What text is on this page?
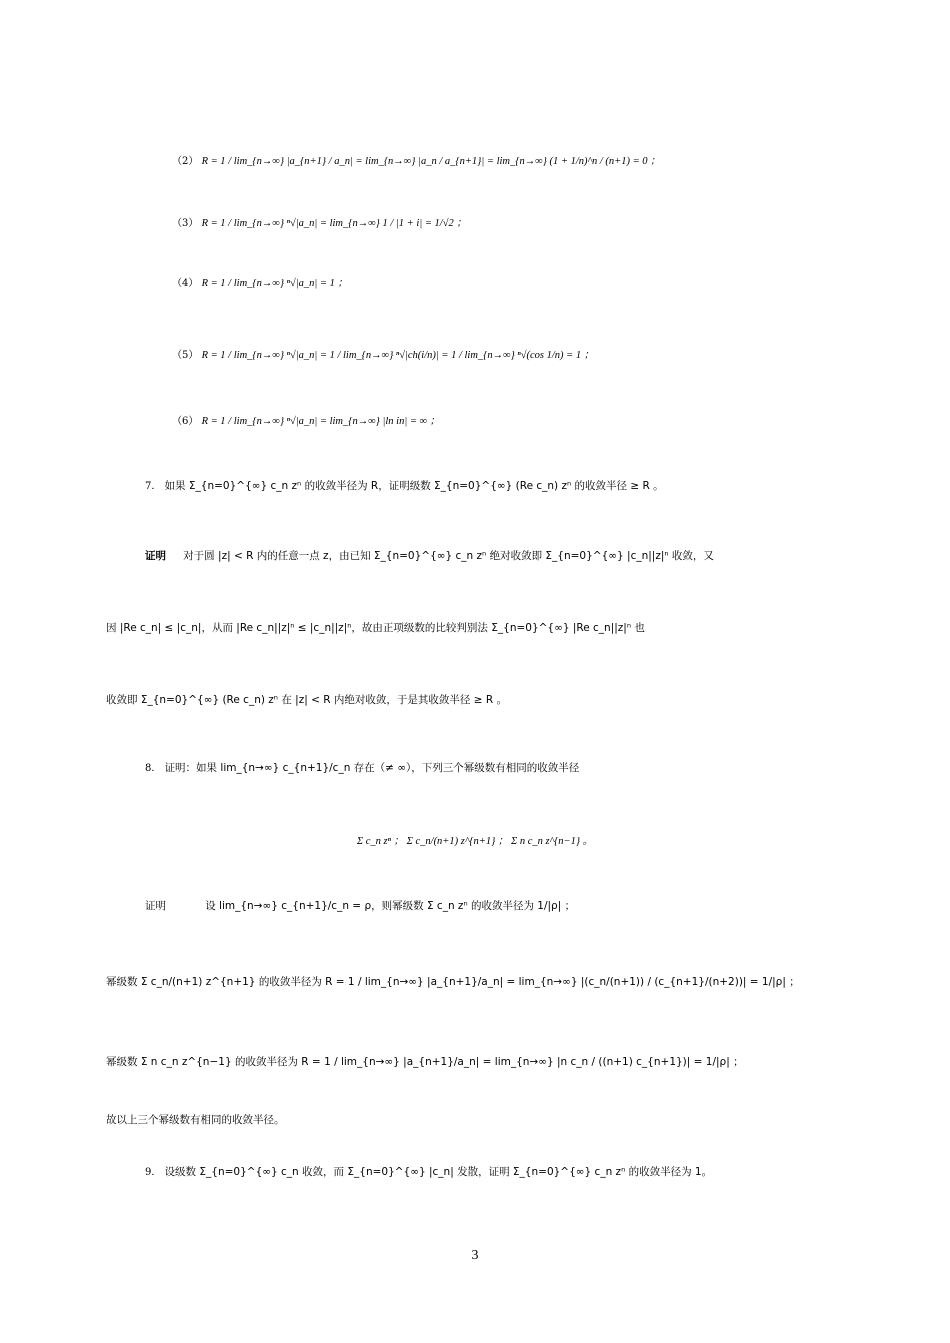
（2） R = 1 / lim_{n→∞} |a_{n+1} / a_n| = lim_{n→∞} |a_n / a_{n+1}| = lim_{n→∞} (1 + 1/n)^n / (n+1) = 0 ；
（3） R = 1 / lim_{n→∞} ⁿ√|a_n| = lim_{n→∞} 1 / |1 + i| = 1/√2 ；
（4） R = 1 / lim_{n→∞} ⁿ√|a_n| = 1 ；
（5） R = 1 / lim_{n→∞} ⁿ√|a_n| = 1 / lim_{n→∞} ⁿ√|ch(i/n)| = 1 / lim_{n→∞} ⁿ√(cos 1/n) = 1 ；
（6） R = 1 / lim_{n→∞} ⁿ√|a_n| = lim_{n→∞} |ln in| = ∞ ；
7． 如果 Σ_{n=0}^{∞} c_n zⁿ 的收敛半径为 R，证明级数 Σ_{n=0}^{∞} (Re c_n) zⁿ 的收敛半径 ≥ R 。
证明 对于圆 |z| < R 内的任意一点 z，由已知 Σ_{n=0}^{∞} c_n zⁿ 绝对收敛即 Σ_{n=0}^{∞} |c_n||z|ⁿ 收敛，又
因 |Re c_n| ≤ |c_n|，从而 |Re c_n||z|ⁿ ≤ |c_n||z|ⁿ，故由正项级数的比较判别法 Σ_{n=0}^{∞} |Re c_n||z|ⁿ 也
收敛即 Σ_{n=0}^{∞} (Re c_n) zⁿ 在 |z| < R 内绝对收敛，于是其收敛半径 ≥ R 。
8． 证明：如果 lim_{n→∞} c_{n+1}/c_n 存在（≠ ∞），下列三个幂级数有相同的收敛半径
Σ c_n zⁿ ； Σ c_n/(n+1) z^{n+1} ； Σ n c_n z^{n−1} 。
证明	设 lim_{n→∞} c_{n+1}/c_n = ρ，则幂级数 Σ c_n zⁿ 的收敛半径为 1/|ρ| ；
幂级数 Σ c_n/(n+1) z^{n+1} 的收敛半径为 R = 1 / lim_{n→∞} |a_{n+1}/a_n| = lim_{n→∞} |(c_n/(n+1)) / (c_{n+1}/(n+2))| = 1/|ρ| ；
幂级数 Σ n c_n z^{n−1} 的收敛半径为 R = 1 / lim_{n→∞} |a_{n+1}/a_n| = lim_{n→∞} |n c_n / ((n+1) c_{n+1})| = 1/|ρ| ；
故以上三个幂级数有相同的收敛半径。
9． 设级数 Σ_{n=0}^{∞} c_n 收敛，而 Σ_{n=0}^{∞} |c_n| 发散，证明 Σ_{n=0}^{∞} c_n zⁿ 的收敛半径为 1。
3
